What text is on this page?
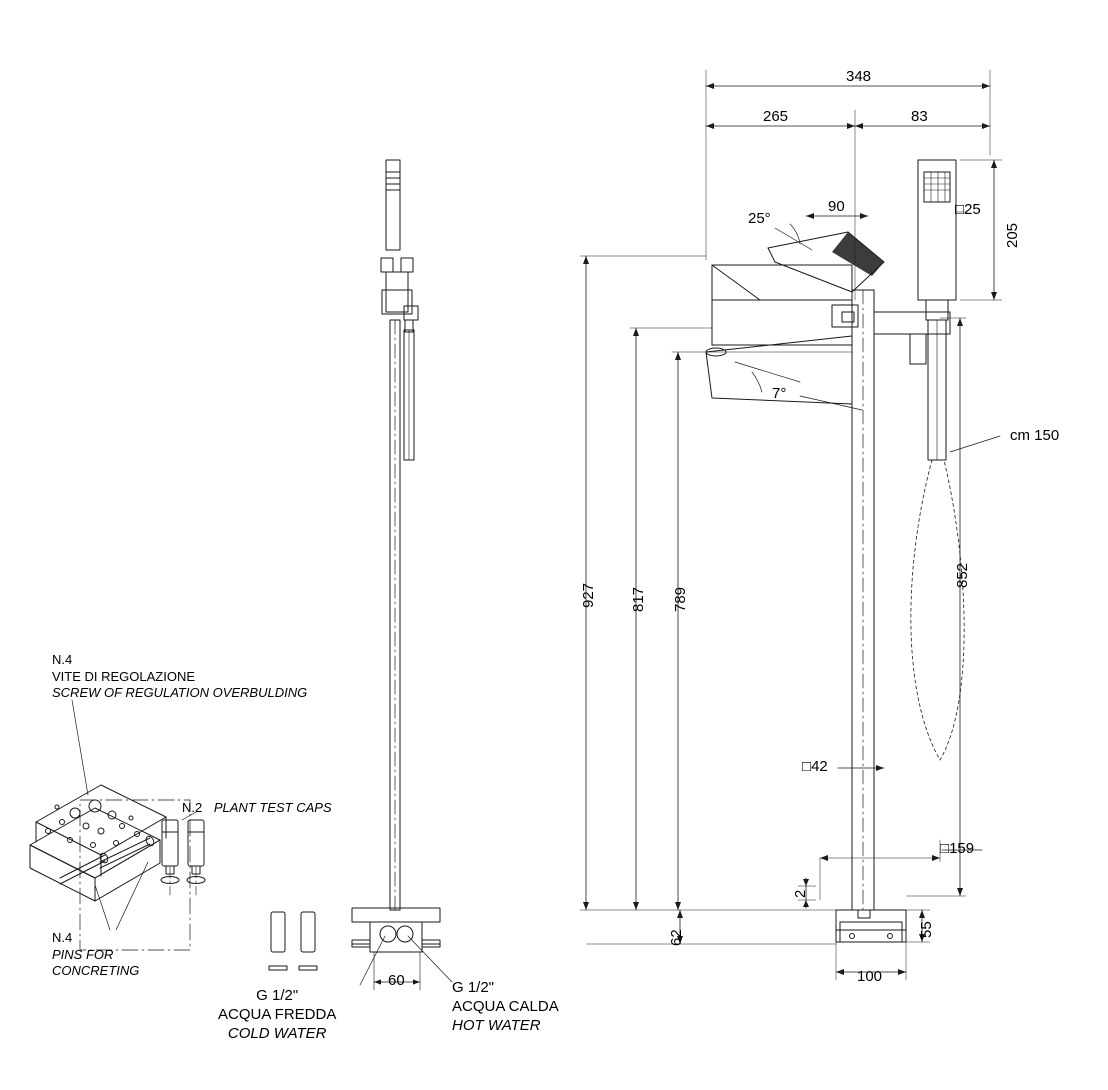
348
265	83
90
25°
7°
□25
205
cm 150
927 817 789
852
□42
□159
2
62	55
100
60
N.4
VITE DI REGOLAZIONE
SCREW OF REGULATION OVERBULDING
N.2 PLANT TEST CAPS
N.4
PINS FOR
CONCRETING
G 1/2"
ACQUA FREDDA
COLD WATER
G 1/2"
ACQUA CALDA
HOT WATER
